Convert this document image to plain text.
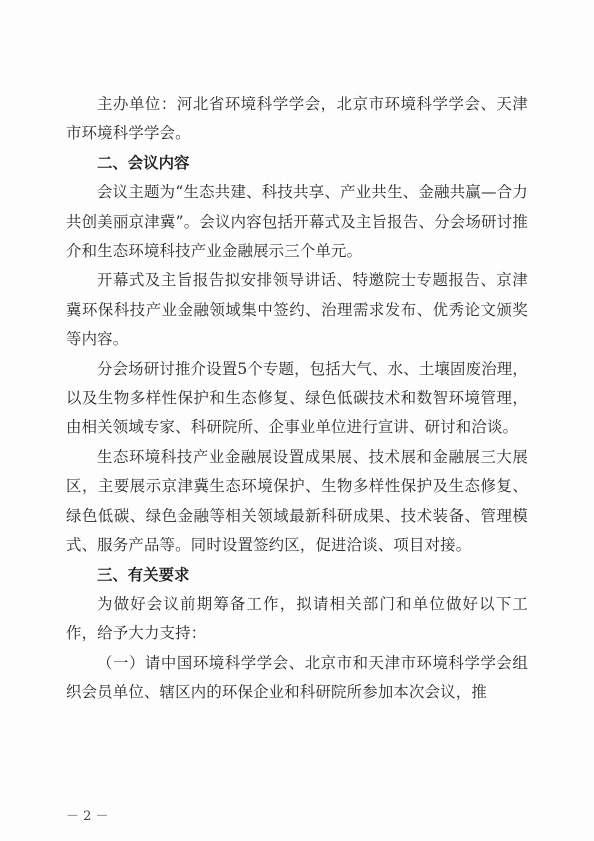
主办单位：河北省环境科学学会，北京市环境科学学会、天津市环境科学学会。

二、会议内容

会议主题为“生态共建、科技共享、产业共生、金融共赢—合力共创美丽京津冀”。会议内容包括开幕式及主旨报告、分会场研讨推介和生态环境科技产业金融展示三个单元。

开幕式及主旨报告拟安排领导讲话、特邀院士专题报告、京津冀环保科技产业金融领域集中签约、治理需求发布、优秀论文颁奖等内容。

分会场研讨推介设置5个专题，包括大气、水、土壤固废治理，以及生物多样性保护和生态修复、绿色低碳技术和数智环境管理，由相关领域专家、科研院所、企事业单位进行宣讲、研讨和洽谈。

生态环境科技产业金融展设置成果展、技术展和金融展三大展区，主要展示京津冀生态环境保护、生物多样性保护及生态修复、绿色低碳、绿色金融等相关领域最新科研成果、技术装备、管理模式、服务产品等。同时设置签约区，促进洽谈、项目对接。

三、有关要求

为做好会议前期筹备工作，拟请相关部门和单位做好以下工作，给予大力支持：

（一）请中国环境科学学会、北京市和天津市环境科学学会组织会员单位、辖区内的环保企业和科研院所参加本次会议，推

－ 2 －
